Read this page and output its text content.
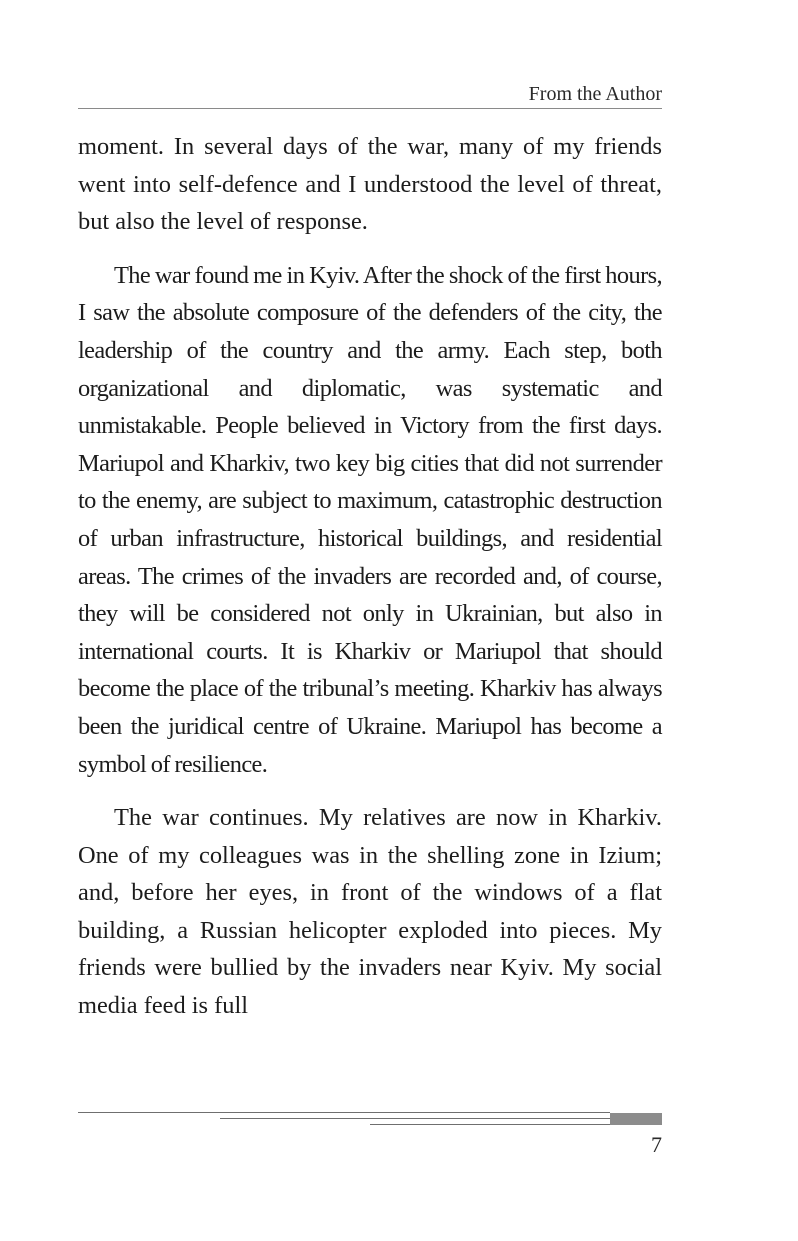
From the Author

moment. In several days of the war, many of my friends went into self-defence and I understood the level of threat, but also the level of response.

The war found me in Kyiv. After the shock of the first hours, I saw the absolute composure of the defenders of the city, the leadership of the country and the army. Each step, both organizational and diplomatic, was systematic and unmistakable. People believed in Victory from the first days. Mariupol and Kharkiv, two key big cities that did not surrender to the enemy, are subject to maximum, catastrophic destruction of urban infrastructure, historical buildings, and residential areas. The crimes of the invaders are recorded and, of course, they will be considered not only in Ukrainian, but also in international courts. It is Kharkiv or Mariupol that should become the place of the tribunal’s meeting. Kharkiv has always been the juridical centre of Ukraine. Mariupol has become a symbol of resilience.

The war continues. My relatives are now in Kharkiv. One of my colleagues was in the shelling zone in Izium; and, before her eyes, in front of the windows of a flat building, a Russian helicopter exploded into pieces. My friends were bullied by the invaders near Kyiv. My social media feed is full

7
